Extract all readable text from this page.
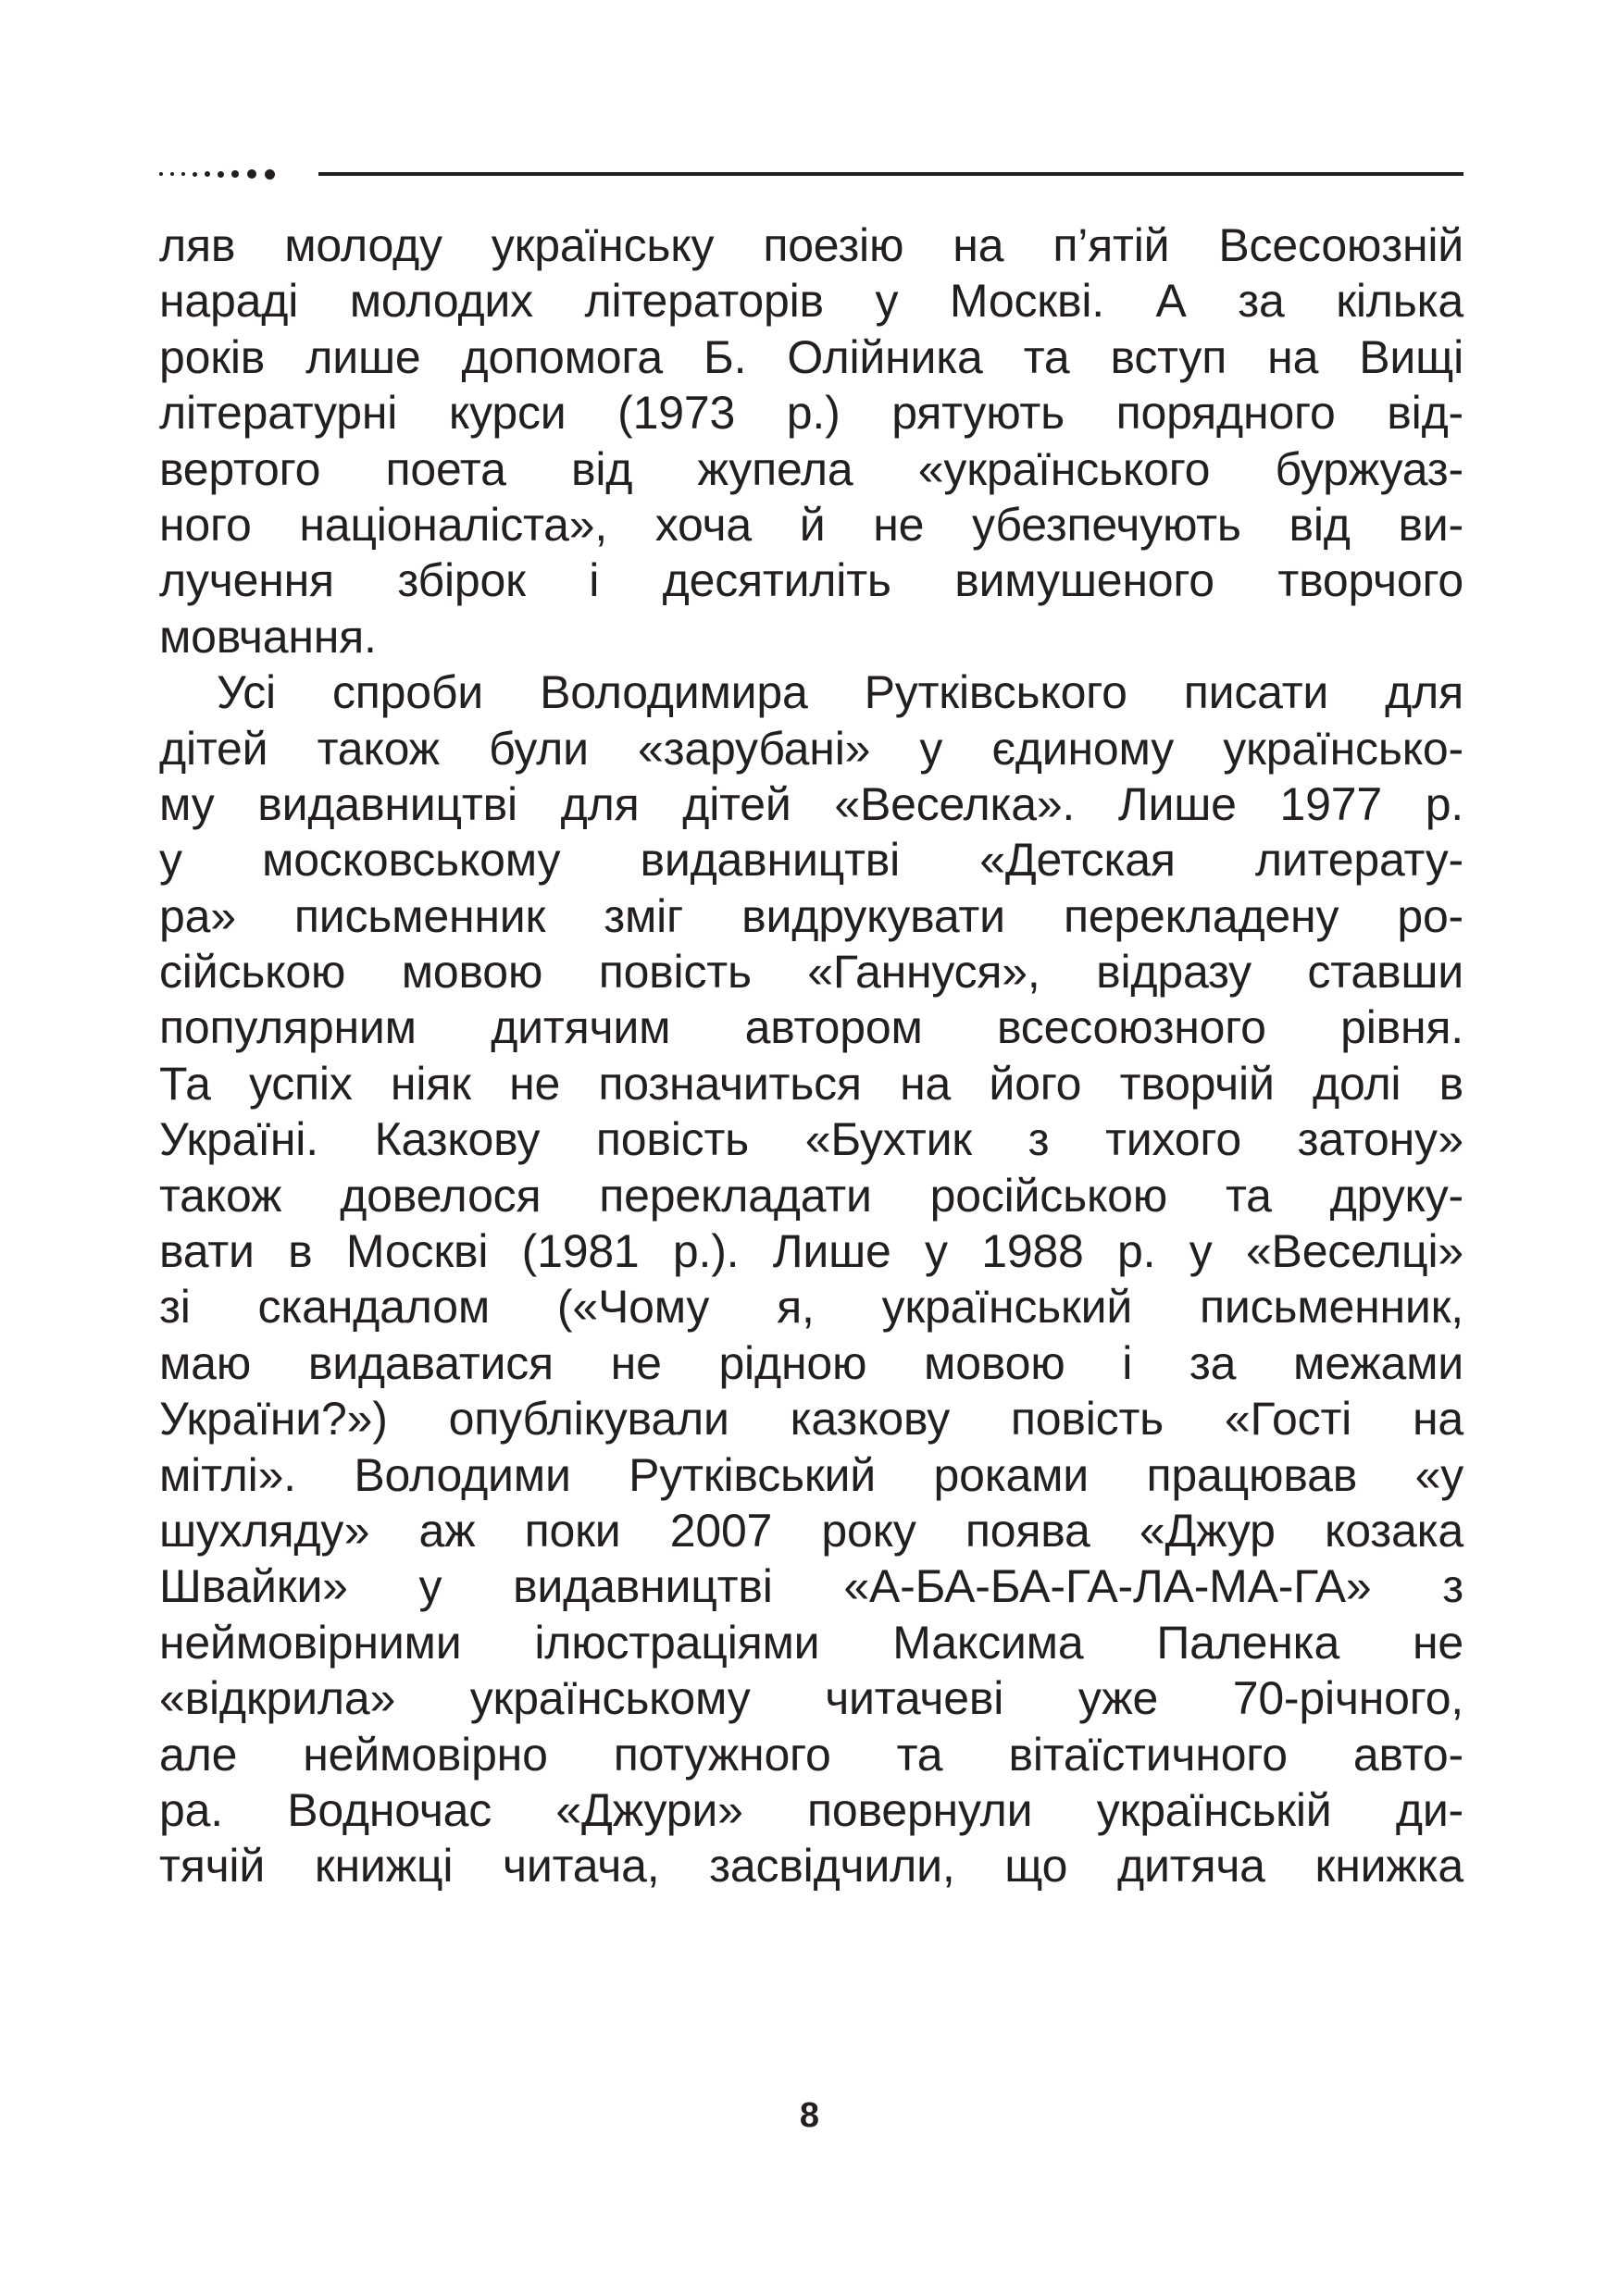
ляв молоду українську поезію на п’ятій Всесоюзній
нараді молодих літераторів у Москві. А за кілька
років лише допомога Б. Олійника та вступ на Вищі
літературні курси (1973 р.) рятують порядного від-
вертого поета від жупела «українського буржуаз-
ного націоналіста», хоча й не убезпечують від ви-
лучення збірок і десятиліть вимушеного творчого
мовчання.
Усі спроби Володимира Рутківського писати для
дітей також були «зарубані» у єдиному українсько-
му видавництві для дітей «Веселка». Лише 1977 р.
у московському видавництві «Детская литерату-
ра» письменник зміг видрукувати перекладену ро-
сійською мовою повість «Ганнуся», відразу ставши
популярним дитячим автором всесоюзного рівня.
Та успіх ніяк не позначиться на його творчій долі в
Україні. Казкову повість «Бухтик з тихого затону»
також довелося перекладати російською та друку-
вати в Москві (1981 р.). Лише у 1988 р. у «Веселці»
зі скандалом («Чому я, український письменник,
маю видаватися не рідною мовою і за межами
України?») опублікували казкову повість «Гості на
мітлі». Володими Рутківський роками працював «у
шухляду» аж поки 2007 року поява «Джур козака
Швайки» у видавництві «А-БА-БА-ГА-ЛА-МА-ГА» з
неймовірними ілюстраціями Максима Паленка не
«відкрила» українському читачеві уже 70-річного,
але неймовірно потужного та вітаїстичного авто-
ра. Водночас «Джури» повернули українській ди-
тячій книжці читача, засвідчили, що дитяча книжка
8
